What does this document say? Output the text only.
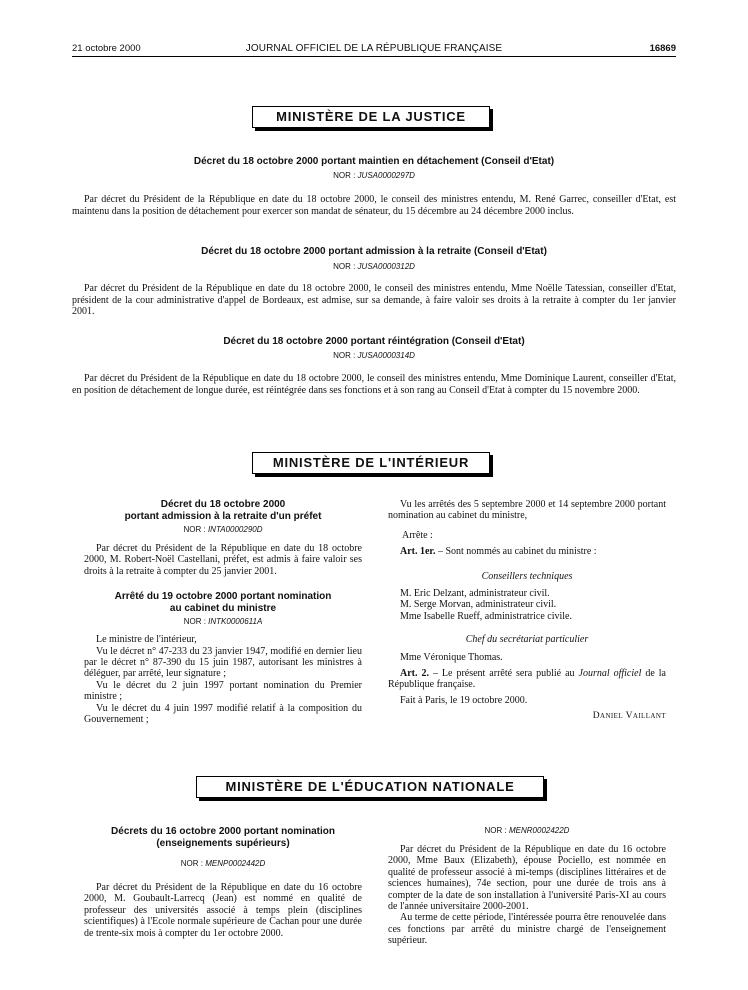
21 octobre 2000	JOURNAL OFFICIEL DE LA RÉPUBLIQUE FRANÇAISE	16869
MINISTÈRE DE LA JUSTICE
Décret du 18 octobre 2000 portant maintien en détachement (Conseil d'Etat)
NOR : JUSA0000297D

Par décret du Président de la République en date du 18 octobre 2000, le conseil des ministres entendu, M. René Garrec, conseiller d'Etat, est maintenu dans la position de détachement pour exercer son mandat de sénateur, du 15 décembre au 24 décembre 2000 inclus.

Décret du 18 octobre 2000 portant admission à la retraite (Conseil d'Etat)
NOR : JUSA0000312D

Par décret du Président de la République en date du 18 octobre 2000, le conseil des ministres entendu, Mme Noëlle Tatessian, conseiller d'Etat, président de la cour administrative d'appel de Bordeaux, est admise, sur sa demande, à faire valoir ses droits à la retraite à compter du 1er janvier 2001.

Décret du 18 octobre 2000 portant réintégration (Conseil d'Etat)
NOR : JUSA0000314D

Par décret du Président de la République en date du 18 octobre 2000, le conseil des ministres entendu, Mme Dominique Laurent, conseiller d'Etat, en position de détachement de longue durée, est réintégrée dans ses fonctions et à son rang au Conseil d'Etat à compter du 15 novembre 2000.

MINISTÈRE DE L'INTÉRIEUR
Décret du 18 octobre 2000
portant admission à la retraite d'un préfet
NOR : INTA0000290D

Par décret du Président de la République en date du 18 octobre 2000, M. Robert-Noël Castellani, préfet, est admis à faire valoir ses droits à la retraite à compter du 25 janvier 2001.

Arrêté du 19 octobre 2000 portant nomination
au cabinet du ministre
NOR : INTK0000611A

Le ministre de l'intérieur,

Vu le décret n° 47-233 du 23 janvier 1947, modifié en dernier lieu par le décret n° 87-390 du 15 juin 1987, autorisant les ministres à déléguer, par arrêté, leur signature ;

Vu le décret du 2 juin 1997 portant nomination du Premier ministre ;

Vu le décret du 4 juin 1997 modifié relatif à la composition du Gouvernement ;

Vu les arrêtés des 5 septembre 2000 et 14 septembre 2000 portant nomination au cabinet du ministre,

Arrête :

Art. 1er. – Sont nommés au cabinet du ministre :

Conseillers techniques

M. Eric Delzant, administrateur civil.

M. Serge Morvan, administrateur civil.

Mme Isabelle Rueff, administratrice civile.

Chef du secrétariat particulier

Mme Véronique Thomas.

Art. 2. – Le présent arrêté sera publié au Journal officiel de la République française.

Fait à Paris, le 19 octobre 2000.

Daniel Vaillant
MINISTÈRE DE L'ÉDUCATION NATIONALE
Décrets du 16 octobre 2000 portant nomination
(enseignements supérieurs)
NOR : MENP0002442D

Par décret du Président de la République en date du 16 octobre 2000, M. Goubault-Larrecq (Jean) est nommé en qualité de professeur des universités associé à temps plein (disciplines scientifiques) à l'Ecole normale supérieure de Cachan pour une durée de trente-six mois à compter du 1er octobre 2000.

NOR : MENR0002422D

Par décret du Président de la République en date du 16 octobre 2000, Mme Baux (Elizabeth), épouse Pociello, est nommée en qualité de professeur associé à mi-temps (disciplines littéraires et de sciences humaines), 74e section, pour une durée de trois ans à compter de la date de son installation à l'université Paris-XI au cours de l'année universitaire 2000-2001.

Au terme de cette période, l'intéressée pourra être renouvelée dans ces fonctions par arrêté du ministre chargé de l'enseignement supérieur.
